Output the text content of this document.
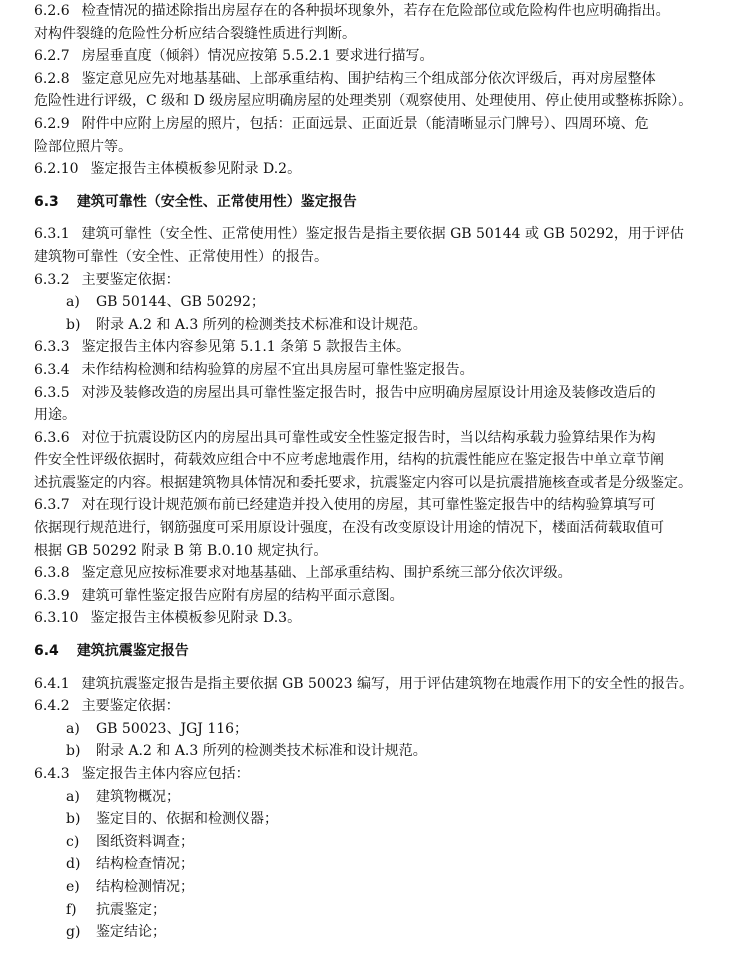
6.2.6 检查情况的描述除指出房屋存在的各种损坏现象外，若存在危险部位或危险构件也应明确指出。
对构件裂缝的危险性分析应结合裂缝性质进行判断。
6.2.7 房屋垂直度（倾斜）情况应按第 5.5.2.1 要求进行描写。
6.2.8 鉴定意见应先对地基基础、上部承重结构、围护结构三个组成部分依次评级后，再对房屋整体
危险性进行评级，C 级和 D 级房屋应明确房屋的处理类别（观察使用、处理使用、停止使用或整栋拆除）。
6.2.9 附件中应附上房屋的照片，包括：正面远景、正面近景（能清晰显示门牌号）、四周环境、危
险部位照片等。
6.2.10 鉴定报告主体模板参见附录 D.2。
6.3 建筑可靠性（安全性、正常使用性）鉴定报告
6.3.1 建筑可靠性（安全性、正常使用性）鉴定报告是指主要依据 GB 50144 或 GB 50292，用于评估
建筑物可靠性（安全性、正常使用性）的报告。
6.3.2 主要鉴定依据：
a) GB 50144、GB 50292；
b) 附录 A.2 和 A.3 所列的检测类技术标准和设计规范。
6.3.3 鉴定报告主体内容参见第 5.1.1 条第 5 款报告主体。
6.3.4 未作结构检测和结构验算的房屋不宜出具房屋可靠性鉴定报告。
6.3.5 对涉及装修改造的房屋出具可靠性鉴定报告时，报告中应明确房屋原设计用途及装修改造后的
用途。
6.3.6 对位于抗震设防区内的房屋出具可靠性或安全性鉴定报告时，当以结构承载力验算结果作为构
件安全性评级依据时，荷载效应组合中不应考虑地震作用，结构的抗震性能应在鉴定报告中单立章节阐
述抗震鉴定的内容。根据建筑物具体情况和委托要求，抗震鉴定内容可以是抗震措施核查或者是分级鉴定。
6.3.7 对在现行设计规范颁布前已经建造并投入使用的房屋，其可靠性鉴定报告中的结构验算填写可
依据现行规范进行，钢筋强度可采用原设计强度，在没有改变原设计用途的情况下，楼面活荷载取值可
根据 GB 50292 附录 B 第 B.0.10 规定执行。
6.3.8 鉴定意见应按标准要求对地基基础、上部承重结构、围护系统三部分依次评级。
6.3.9 建筑可靠性鉴定报告应附有房屋的结构平面示意图。
6.3.10 鉴定报告主体模板参见附录 D.3。
6.4 建筑抗震鉴定报告
6.4.1 建筑抗震鉴定报告是指主要依据 GB 50023 编写，用于评估建筑物在地震作用下的安全性的报告。
6.4.2 主要鉴定依据：
a) GB 50023、JGJ 116；
b) 附录 A.2 和 A.3 所列的检测类技术标准和设计规范。
6.4.3 鉴定报告主体内容应包括：
a) 建筑物概况；
b) 鉴定目的、依据和检测仪器；
c) 图纸资料调查；
d) 结构检查情况；
e) 结构检测情况；
f) 抗震鉴定；
g) 鉴定结论；
